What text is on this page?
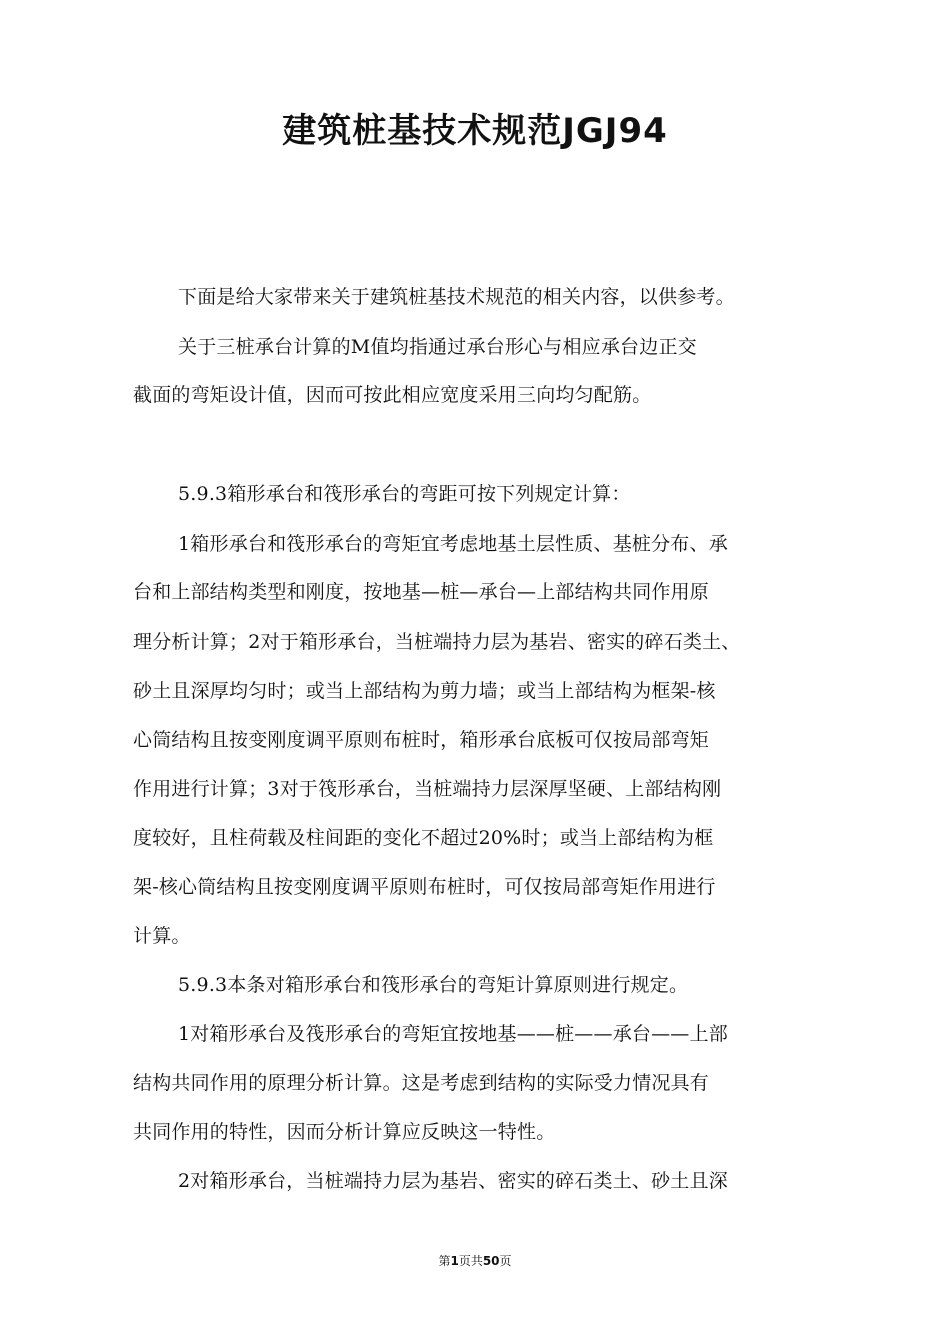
建筑桩基技术规范JGJ94
下面是给大家带来关于建筑桩基技术规范的相关内容，以供参考。
关于三桩承台计算的M值均指通过承台形心与相应承台边正交
截面的弯矩设计值，因而可按此相应宽度采用三向均匀配筋。
5.9.3箱形承台和筏形承台的弯距可按下列规定计算：
1箱形承台和筏形承台的弯矩宜考虑地基土层性质、基桩分布、承
台和上部结构类型和刚度，按地基—桩—承台—上部结构共同作用原
理分析计算；2对于箱形承台，当桩端持力层为基岩、密实的碎石类土、
砂土且深厚均匀时；或当上部结构为剪力墙；或当上部结构为框架-核
心筒结构且按变刚度调平原则布桩时，箱形承台底板可仅按局部弯矩
作用进行计算；3对于筏形承台，当桩端持力层深厚坚硬、上部结构刚
度较好，且柱荷载及柱间距的变化不超过20%时；或当上部结构为框
架-核心筒结构且按变刚度调平原则布桩时，可仅按局部弯矩作用进行
计算。
5.9.3本条对箱形承台和筏形承台的弯矩计算原则进行规定。
1对箱形承台及筏形承台的弯矩宜按地基——桩——承台——上部
结构共同作用的原理分析计算。这是考虑到结构的实际受力情况具有
共同作用的特性，因而分析计算应反映这一特性。
2对箱形承台，当桩端持力层为基岩、密实的碎石类土、砂土且深
第1页共50页
